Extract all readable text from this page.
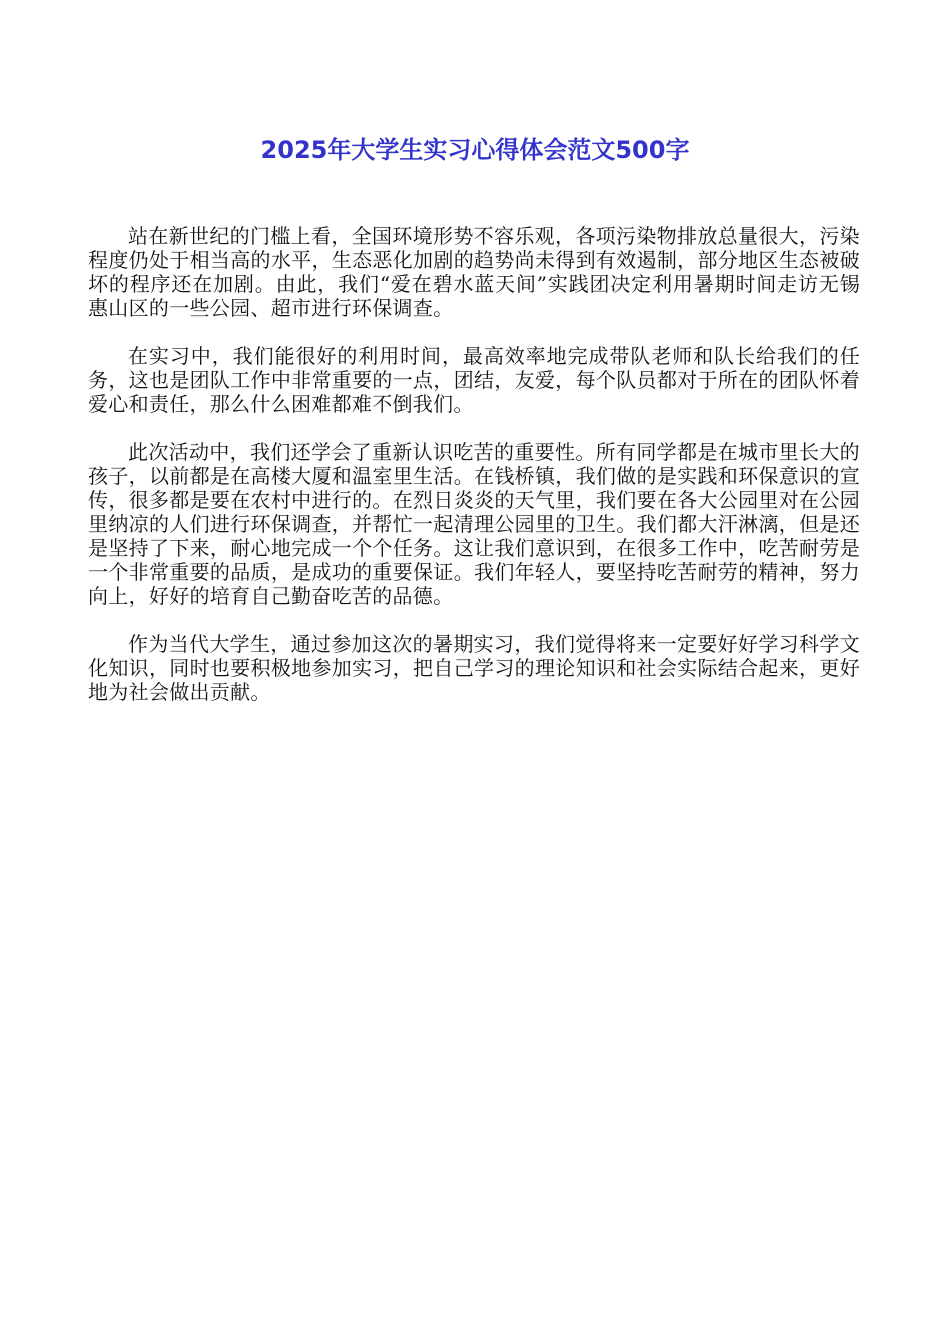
2025年大学生实习心得体会范文500字

站在新世纪的门槛上看，全国环境形势不容乐观，各项污染物排放总量很大，污染程度仍处于相当高的水平，生态恶化加剧的趋势尚未得到有效遏制，部分地区生态被破坏的程序还在加剧。由此，我们“爱在碧水蓝天间”实践团决定利用暑期时间走访无锡惠山区的一些公园、超市进行环保调查。

在实习中，我们能很好的利用时间，最高效率地完成带队老师和队长给我们的任务，这也是团队工作中非常重要的一点，团结，友爱，每个队员都对于所在的团队怀着爱心和责任，那么什么困难都难不倒我们。

此次活动中，我们还学会了重新认识吃苦的重要性。所有同学都是在城市里长大的孩子，以前都是在高楼大厦和温室里生活。在钱桥镇，我们做的是实践和环保意识的宣传，很多都是要在农村中进行的。在烈日炎炎的天气里，我们要在各大公园里对在公园里纳凉的人们进行环保调查，并帮忙一起清理公园里的卫生。我们都大汗淋漓，但是还是坚持了下来，耐心地完成一个个任务。这让我们意识到，在很多工作中，吃苦耐劳是一个非常重要的品质，是成功的重要保证。我们年轻人，要坚持吃苦耐劳的精神，努力向上，好好的培育自己勤奋吃苦的品德。

作为当代大学生，通过参加这次的暑期实习，我们觉得将来一定要好好学习科学文化知识，同时也要积极地参加实习，把自己学习的理论知识和社会实际结合起来，更好地为社会做出贡献。
